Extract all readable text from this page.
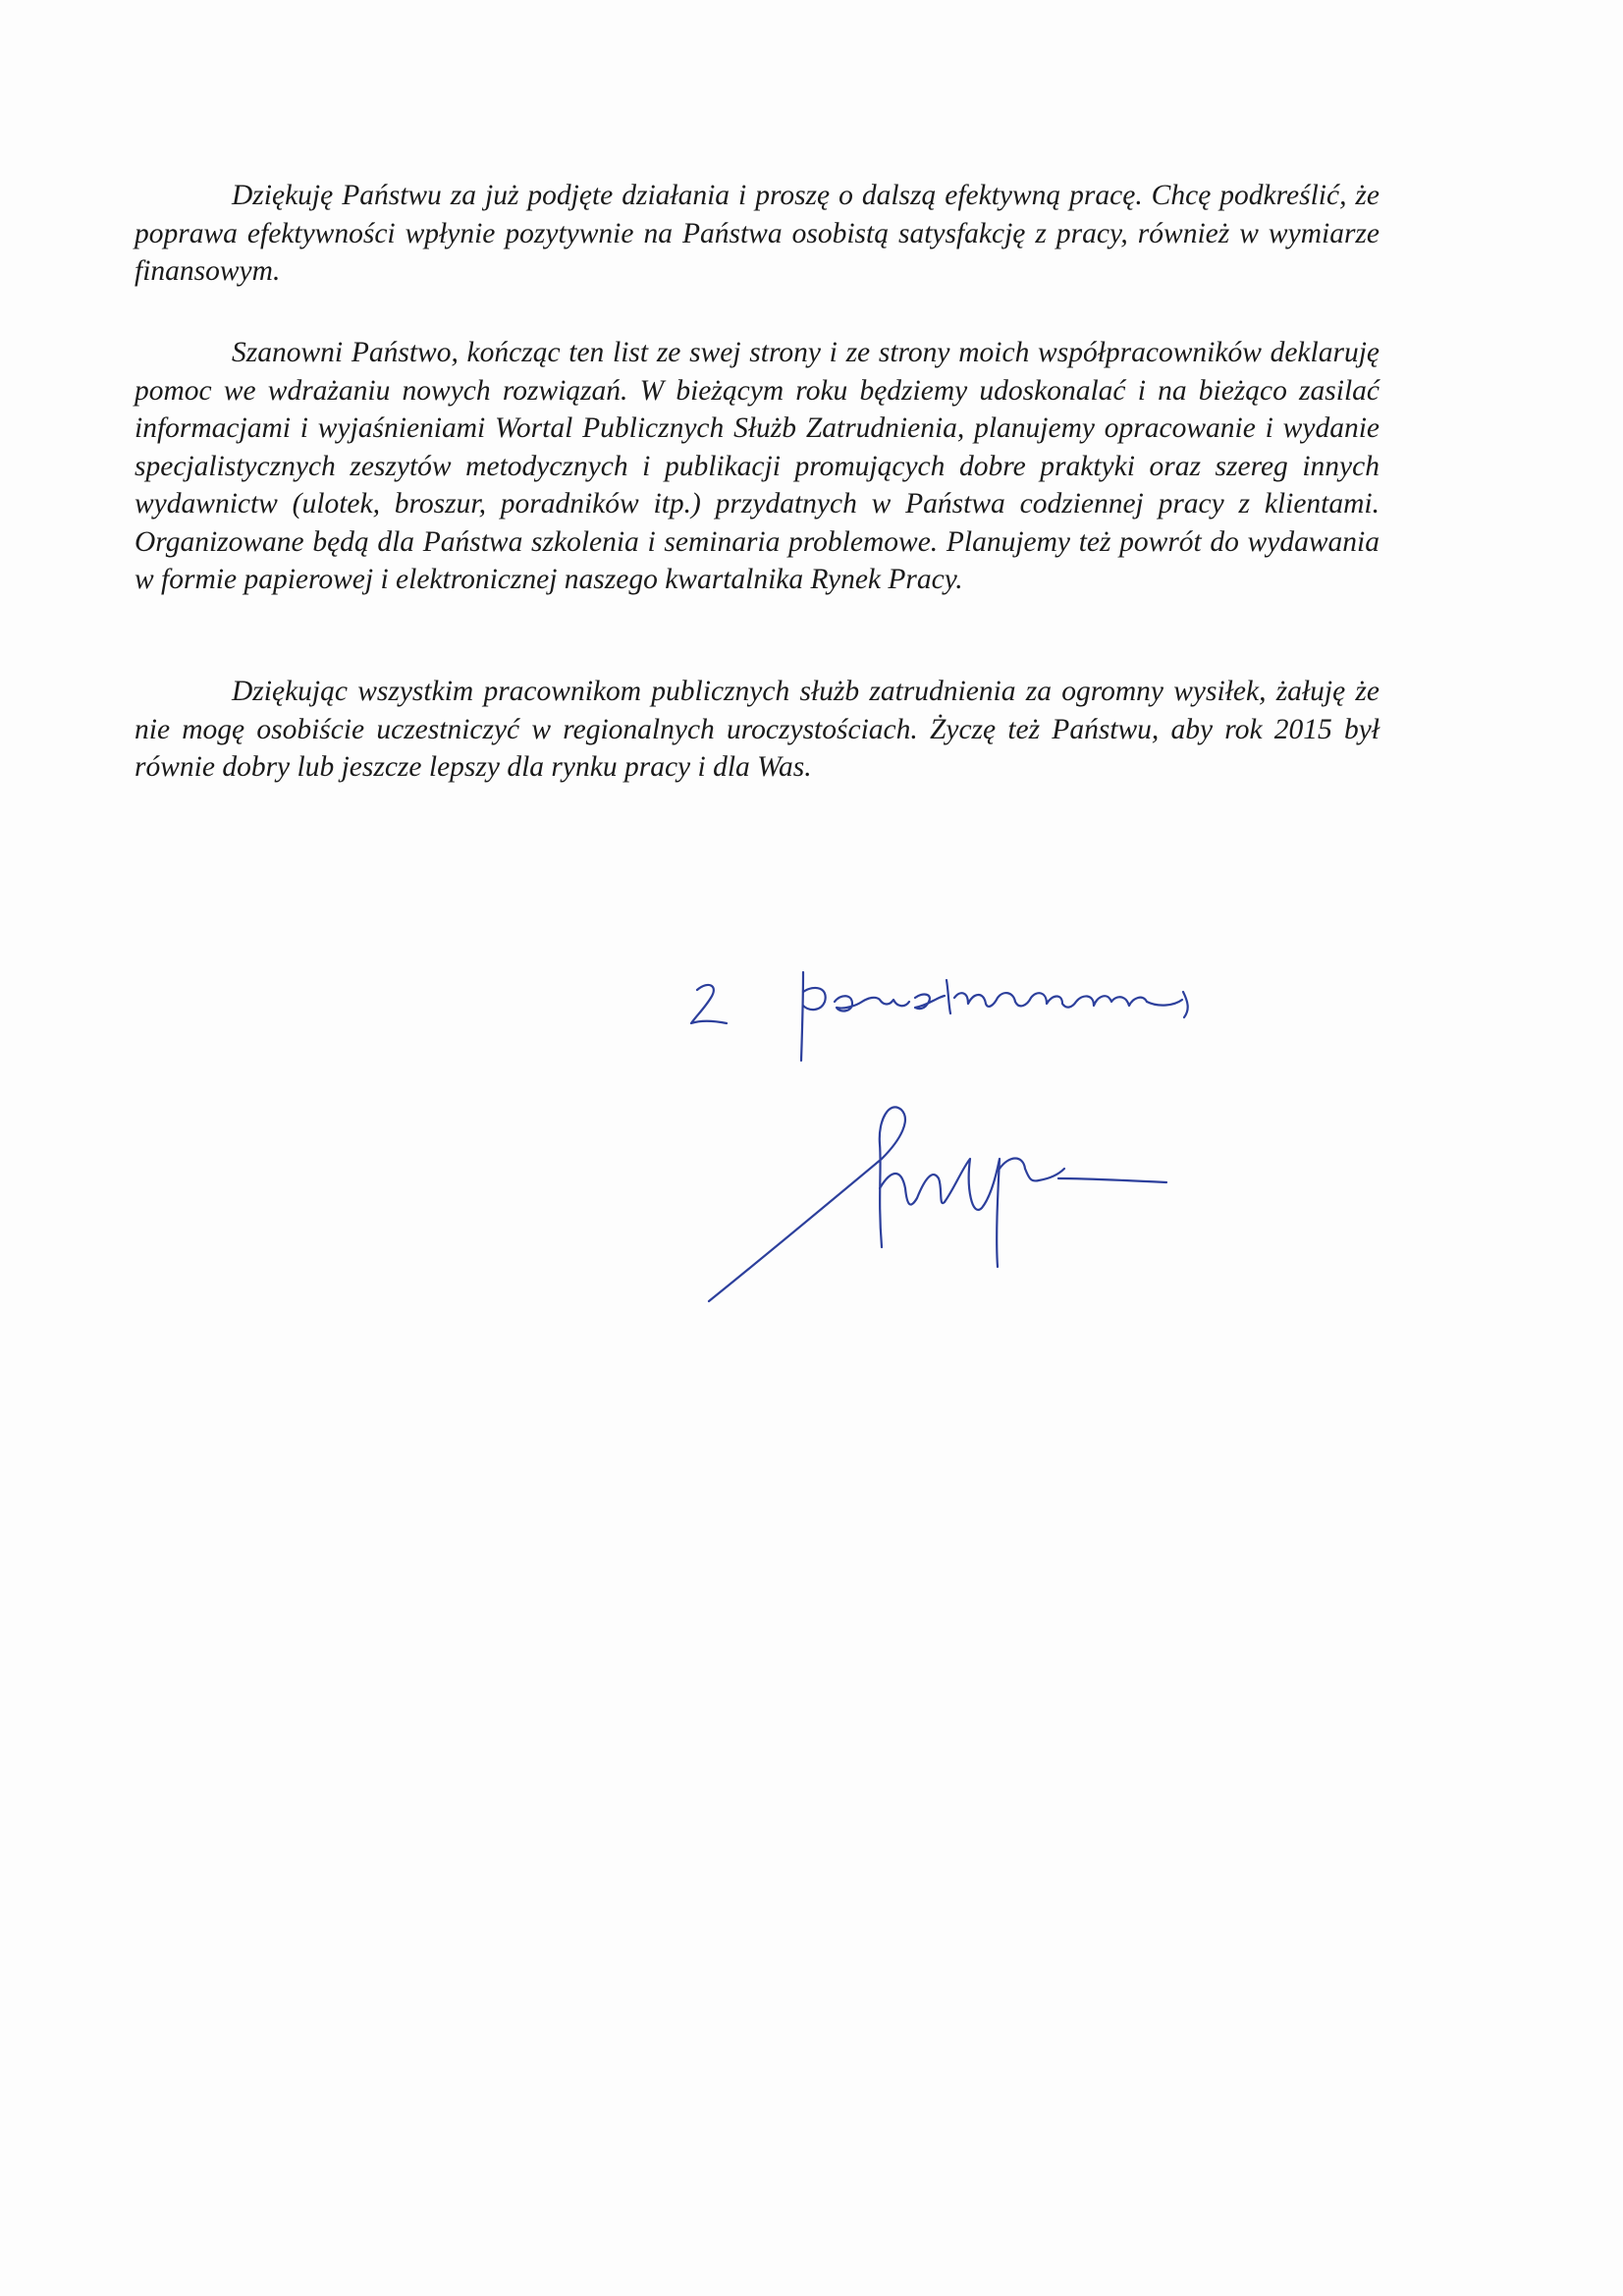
Dziękuję Państwu za już podjęte działania i proszę o dalszą efektywną pracę. Chcę podkreślić, że poprawa efektywności wpłynie pozytywnie na Państwa osobistą satysfakcję z pracy, również w wymiarze finansowym.

Szanowni Państwo, kończąc ten list ze swej strony i ze strony moich współpracowników deklaruję pomoc we wdrażaniu nowych rozwiązań. W bieżącym roku będziemy udoskonalać i na bieżąco zasilać informacjami i wyjaśnieniami Wortal Publicznych Służb Zatrudnienia, planujemy opracowanie i wydanie specjalistycznych zeszytów metodycznych i publikacji promujących dobre praktyki oraz szereg innych wydawnictw (ulotek, broszur, poradników itp.) przydatnych w Państwa codziennej pracy z klientami. Organizowane będą dla Państwa szkolenia i seminaria problemowe. Planujemy też powrót do wydawania w formie papierowej i elektronicznej naszego kwartalnika Rynek Pracy.

Dziękując wszystkim pracownikom publicznych służb zatrudnienia za ogromny wysiłek, żałuję że nie mogę osobiście uczestniczyć w regionalnych uroczystościach. Życzę też Państwu, aby rok 2015 był równie dobry lub jeszcze lepszy dla rynku pracy i dla Was.
